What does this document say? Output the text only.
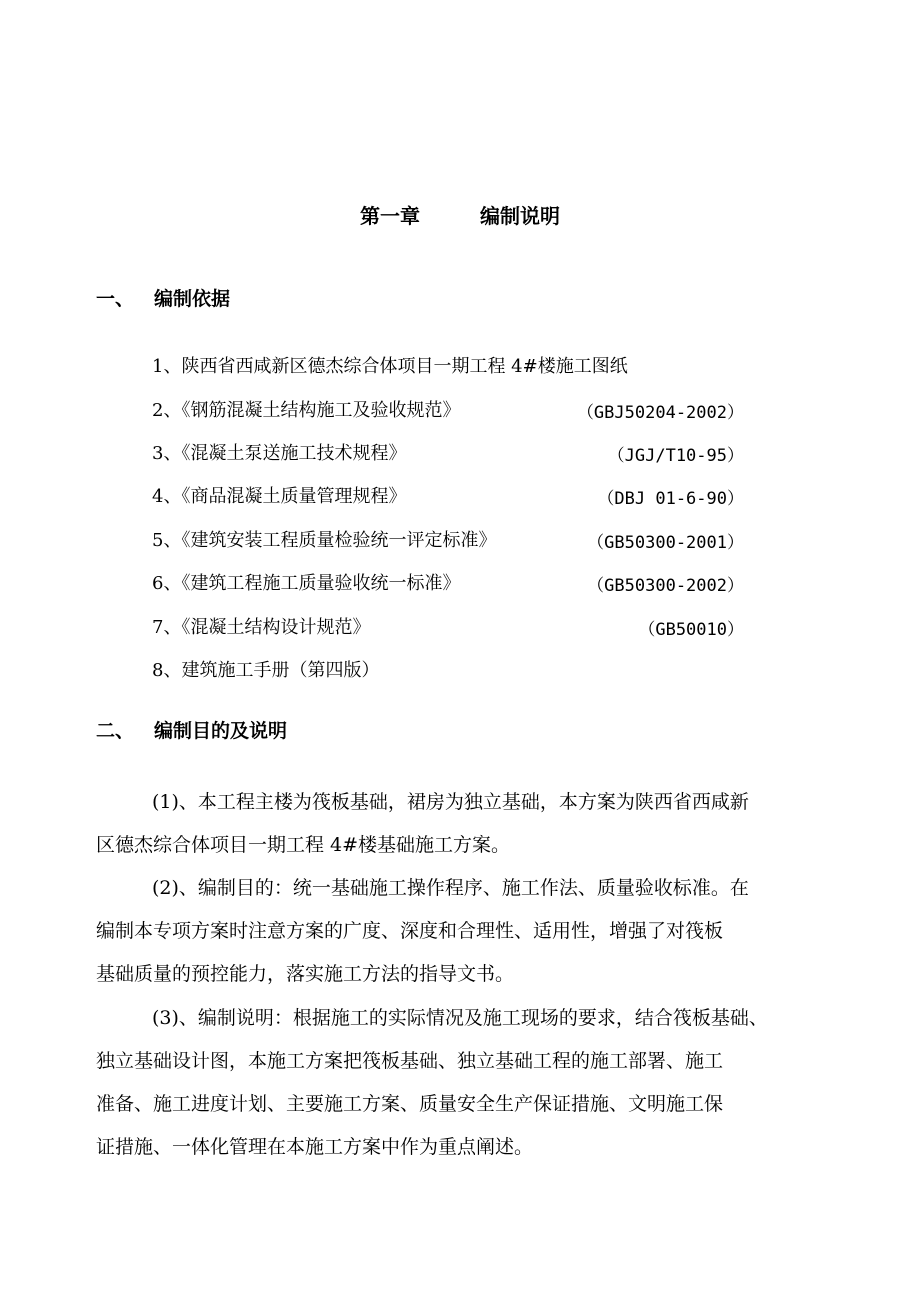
第一章	编制说明
一、 编制依据
1、陕西省西咸新区德杰综合体项目一期工程 4#楼施工图纸
2、《钢筋混凝土结构施工及验收规范》	（GBJ50204-2002）
3、《混凝土泵送施工技术规程》	（JGJ/T10-95）
4、《商品混凝土质量管理规程》	（DBJ 01-6-90）
5、《建筑安装工程质量检验统一评定标准》	（GB50300-2001）
6、《建筑工程施工质量验收统一标准》	（GB50300-2002）
7、《混凝土结构设计规范》	（GB50010）
8、建筑施工手册（第四版）
二、 编制目的及说明
(1)、本工程主楼为筏板基础，裙房为独立基础，本方案为陕西省西咸新
区德杰综合体项目一期工程 4#楼基础施工方案。
(2)、编制目的：统一基础施工操作程序、施工作法、质量验收标准。在
编制本专项方案时注意方案的广度、深度和合理性、适用性，增强了对筏板
基础质量的预控能力，落实施工方法的指导文书。
(3)、编制说明：根据施工的实际情况及施工现场的要求，结合筏板基础、
独立基础设计图，本施工方案把筏板基础、独立基础工程的施工部署、施工
准备、施工进度计划、主要施工方案、质量安全生产保证措施、文明施工保
证措施、一体化管理在本施工方案中作为重点阐述。
